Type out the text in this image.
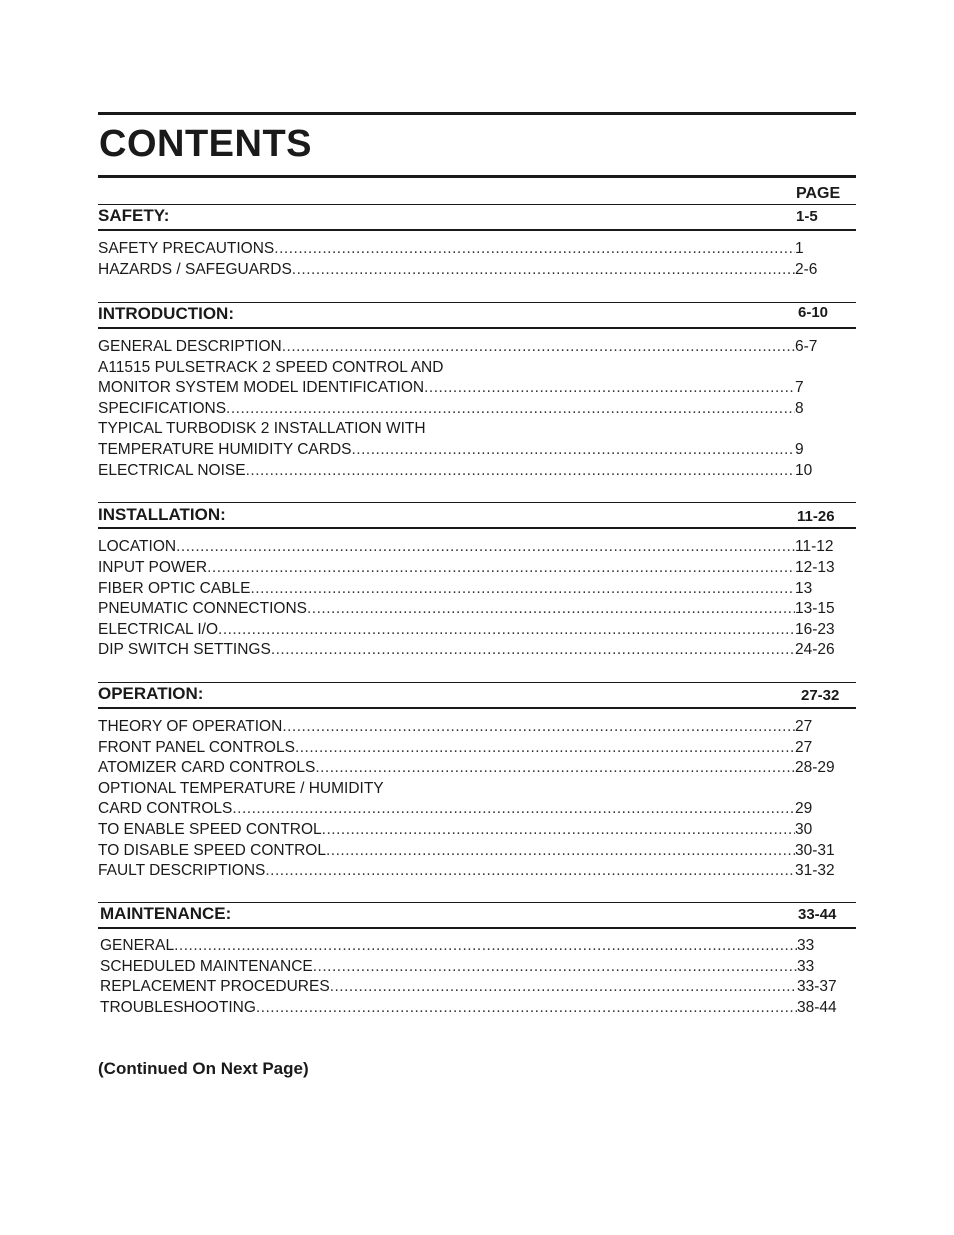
CONTENTS
PAGE
SAFETY:	1-5
SAFETY PRECAUTIONS .....	1
HAZARDS / SAFEGUARDS .....	2-6
INTRODUCTION:	6-10
GENERAL DESCRIPTION .....	6-7
A11515 PULSETRACK 2 SPEED CONTROL AND
MONITOR SYSTEM MODEL IDENTIFICATION .....	7
SPECIFICATIONS .....	8
TYPICAL TURBODISK 2 INSTALLATION WITH
TEMPERATURE HUMIDITY CARDS .....	9
ELECTRICAL NOISE .....	10
INSTALLATION:	11-26
LOCATION .....	11-12
INPUT POWER .....	12-13
FIBER OPTIC CABLE .....	13
PNEUMATIC CONNECTIONS .....	13-15
ELECTRICAL I/O .....	16-23
DIP SWITCH SETTINGS .....	24-26
OPERATION:	27-32
THEORY OF OPERATION .....	27
FRONT PANEL CONTROLS .....	27
ATOMIZER CARD CONTROLS .....	28-29
OPTIONAL TEMPERATURE / HUMIDITY
CARD CONTROLS .....	29
TO ENABLE SPEED CONTROL .....	30
TO DISABLE SPEED CONTROL .....	30-31
FAULT DESCRIPTIONS .....	31-32
MAINTENANCE:	33-44
GENERAL .....	33
SCHEDULED MAINTENANCE .....	33
REPLACEMENT PROCEDURES .....	33-37
TROUBLESHOOTING .....	38-44
(Continued On Next Page)
